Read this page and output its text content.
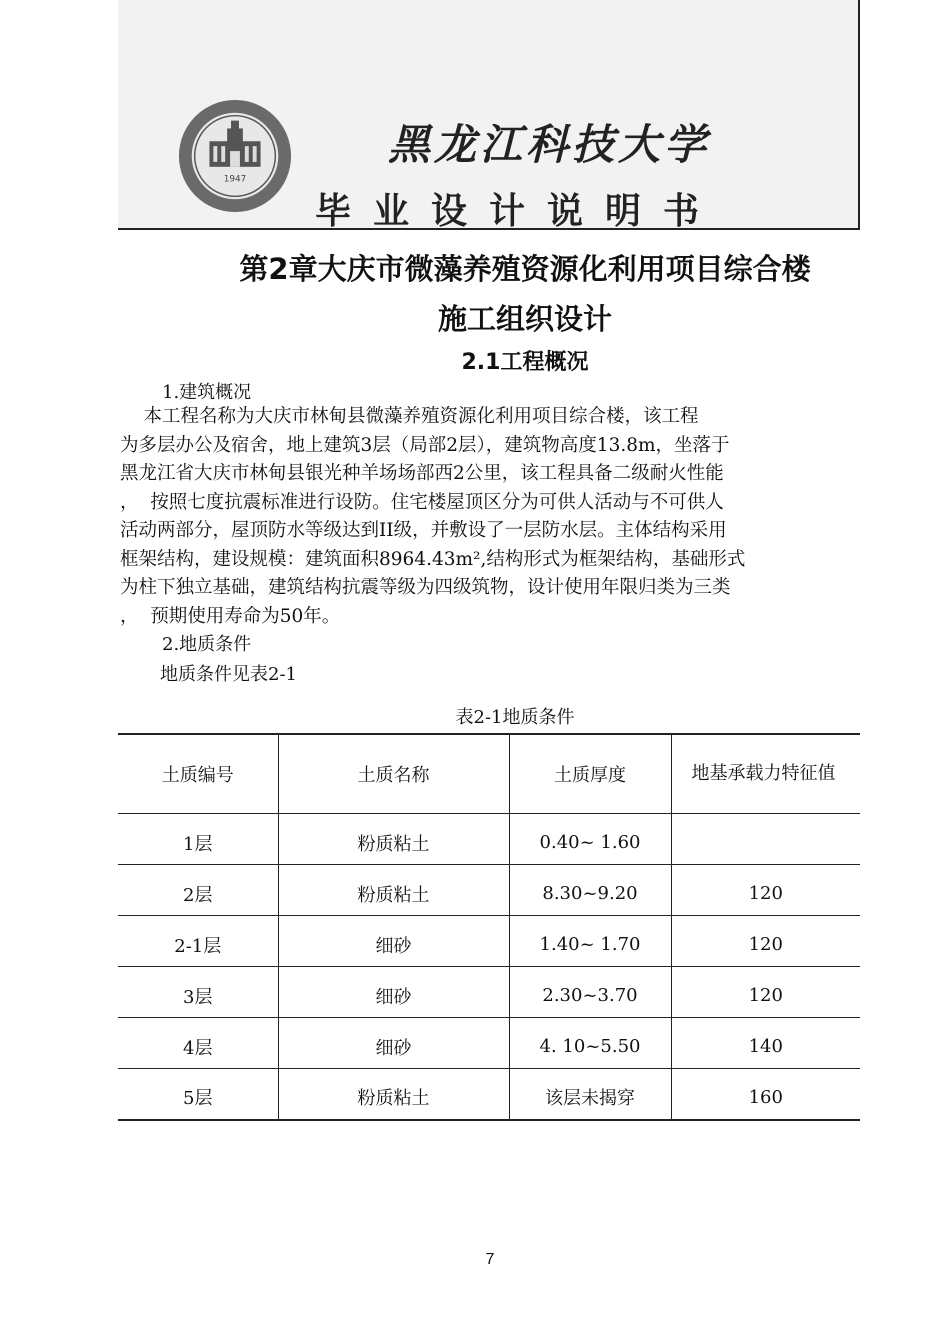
1947
黑龙江科技大学
毕业设计说明书
第2章大庆市微藻养殖资源化利用项目综合楼
施工组织设计
2.1工程概况
1.建筑概况
本工程名称为大庆市林甸县微藻养殖资源化利用项目综合楼，该工程
为多层办公及宿舍，地上建筑3层（局部2层），建筑物高度13.8m，坐落于
黑龙江省大庆市林甸县银光种羊场场部西2公里，该工程具备二级耐火性能
，  按照七度抗震标准进行设防。住宅楼屋顶区分为可供人活动与不可供人
活动两部分，屋顶防水等级达到II级，并敷设了一层防水层。主体结构采用
框架结构，建设规模：建筑面积8964.43m²,结构形式为框架结构，基础形式
为柱下独立基础，建筑结构抗震等级为四级筑物，设计使用年限归类为三类
，  预期使用寿命为50年。
2.地质条件
地质条件见表2-1
表2-1地质条件
土质编号	土质名称	土质厚度	地基承载力特征值
1层	粉质粘土	0.40~ 1.60	
2层	粉质粘土	8.30~9.20	120
2-1层	细砂	1.40~ 1.70	120
3层	细砂	2.30~3.70	120
4层	细砂	4. 10~5.50	140
5层	粉质粘土	该层未揭穿	160
7
